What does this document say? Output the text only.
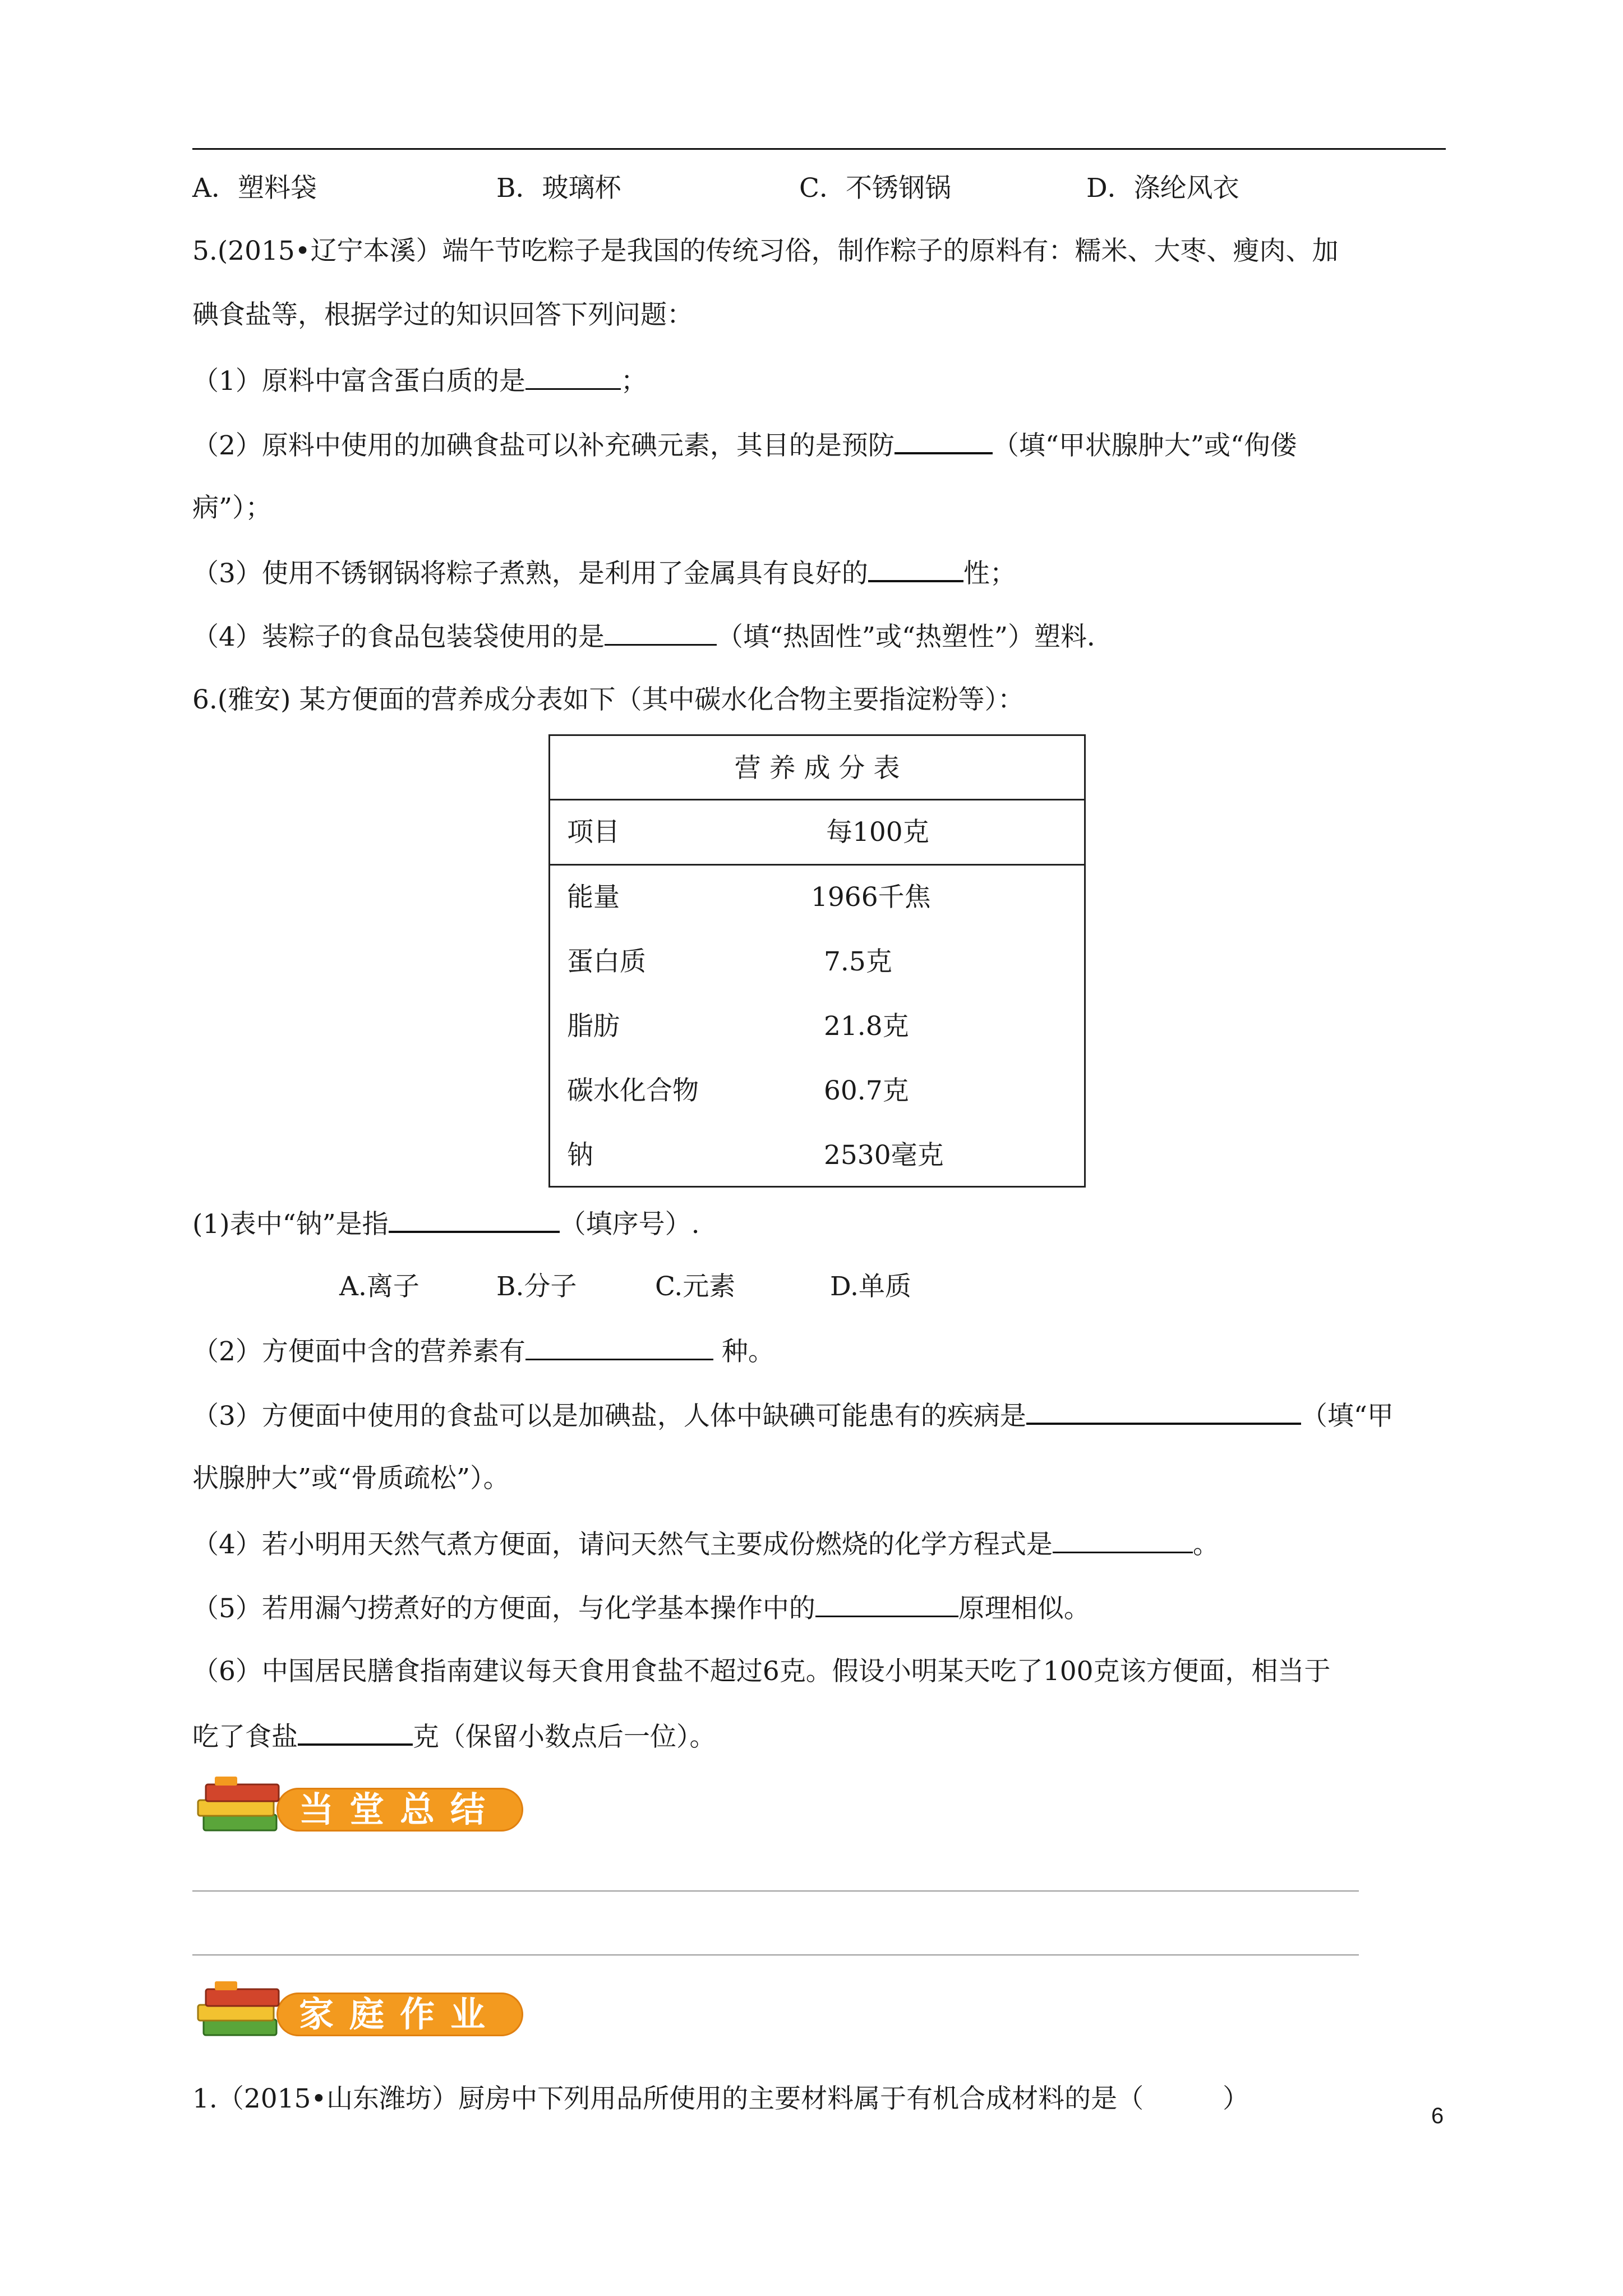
A．塑料袋	B．玻璃杯	C．不锈钢锅	D．涤纶风衣
5.(2015•辽宁本溪）端午节吃粽子是我国的传统习俗，制作粽子的原料有：糯米、大枣、瘦肉、加
碘食盐等，根据学过的知识回答下列问题：
（1）原料中富含蛋白质的是	；
（2）原料中使用的加碘食盐可以补充碘元素，其目的是预防	（填“甲状腺肿大”或“佝偻
病”）；
（3）使用不锈钢锅将粽子煮熟，是利用了金属具有良好的	性；
（4）装粽子的食品包装袋使用的是	（填“热固性”或“热塑性”）塑料．
6.(雅安) 某方便面的营养成分表如下（其中碳水化合物主要指淀粉等）：
营 养 成 分 表
项目	每100克
能量	1966千焦
蛋白质	7.5克
脂肪	21.8克
碳水化合物	60.7克
钠	2530毫克
(1)表中“钠”是指	（填序号）.
A.离子	B.分子	C.元素	D.单质
（2）方便面中含的营养素有	种。
（3）方便面中使用的食盐可以是加碘盐，人体中缺碘可能患有的疾病是	（填“甲
状腺肿大”或“骨质疏松”）。
（4）若小明用天然气煮方便面，请问天然气主要成份燃烧的化学方程式是	。
（5）若用漏勺捞煮好的方便面，与化学基本操作中的	原理相似。
（6）中国居民膳食指南建议每天食用食盐不超过6克。假设小明某天吃了100克该方便面，相当于
吃了食盐	克（保留小数点后一位）。
当堂总结
家庭作业
1.（2015•山东潍坊）厨房中下列用品所使用的主要材料属于有机合成材料的是（　　　）
6
